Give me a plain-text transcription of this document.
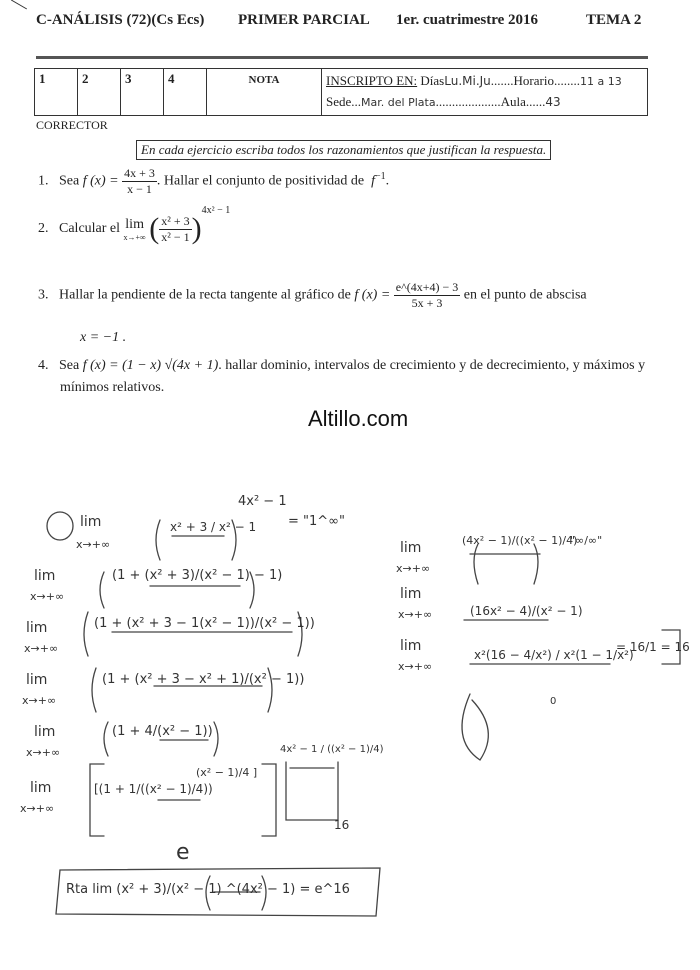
C-ANÁLISIS (72)(Cs Ecs) PRIMER PARCIAL 1er. cuatrimestre 2016	TEMA 2
1	2	3	4	NOTA	INSCRIPTO EN: DíasLu.Mi.Ju.......Horario........11 a 13
Sede...Mar. del Plata....................Aula......43
CORRECTOR
En cada ejercicio escriba todos los razonamientos que justifican la respuesta.
1. Sea f $(x) = \frac{4x + 3}{x - 1}$ . Hallar el conjunto de positividad de $f^{-1}$.
2. Calcular el lim
x→+∞ ( $\frac{\text{x² + 3}}{\text{x² − 1}} )^{4x^2 - 1}$
3. Hallar la pendiente de la recta tangente al gráfico de f $(x) = \frac{e\^{}(4x+4) - 3}{5x + 3}$ en el punto de abscisa
x = −1 .
4. Sea f (x) = (1 − x) √(4x + 1). hallar dominio, intervalos de crecimiento y de decrecimiento, y máximos y
mínimos relativos.
Altillo.com
lim
x→+∞
x² + 3 / x² − 1
4x² − 1
= "1^∞"
lim
x→+∞
(1 + (x² + 3)/(x² − 1) − 1)
lim
x→+∞
(1 + (x² + 3 − 1(x² − 1))/(x² − 1))
lim
x→+∞
(1 + (x² + 3 − x² + 1)/(x² − 1))
lim
x→+∞
(1 + 4/(x² − 1))
lim
x→+∞
[(1 + 1/((x² − 1)/4))
(x² − 1)/4 ]
4x² − 1 / ((x² − 1)/4)
16
e
Rta lim (x² + 3)/(x² − 1) ^(4x² − 1) = e^16
lim
x→+∞
(4x² − 1)/((x² − 1)/4)
"∞/∞"
lim
x→+∞	(16x² − 4)/(x² − 1)
lim
x→+∞
x²(16 − 4/x²) / x²(1 − 1/x²)
= 16/1 = 16
0
